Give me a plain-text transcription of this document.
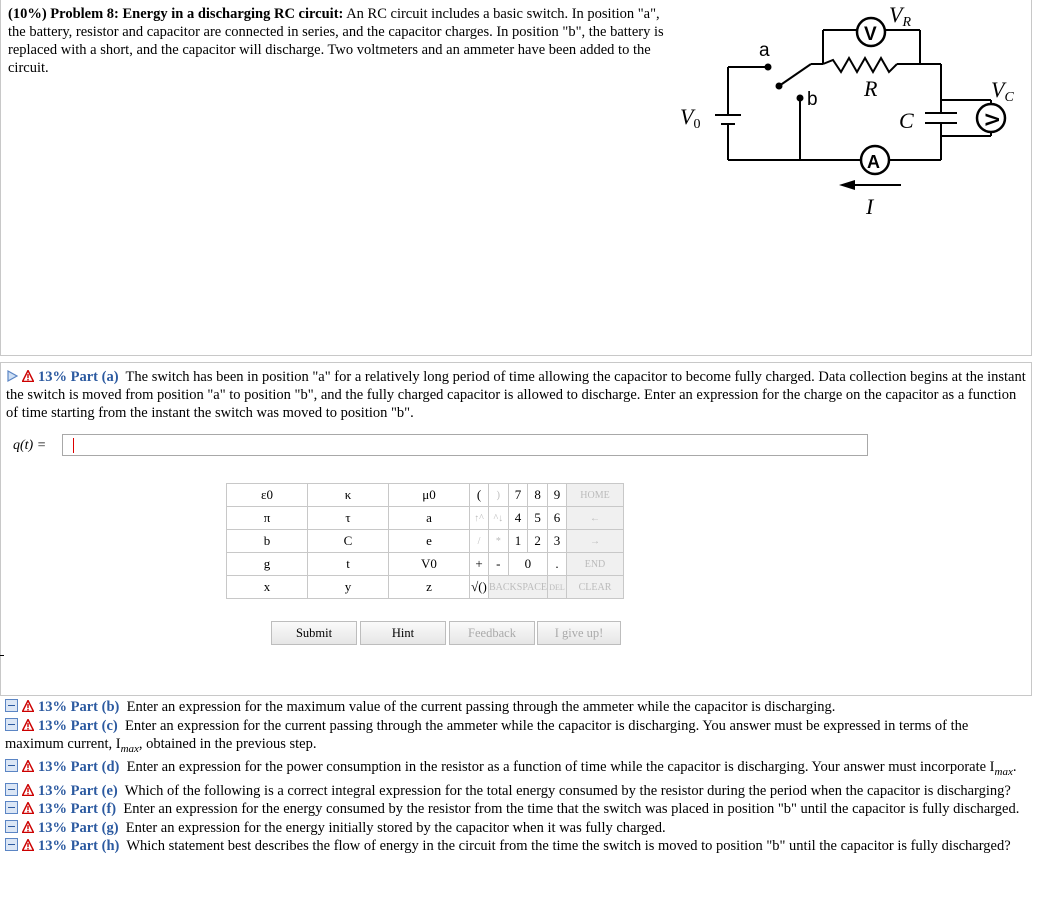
(10%) Problem 8: Energy in a discharging RC circuit: An RC circuit includes a basic switch. In position "a", the battery, resistor and capacitor are connected in series, and the capacitor charges. In position "b", the battery is replaced with a short, and the capacitor will discharge. Two voltmeters and an ammeter have been added to the circuit.
a
b
V
V
A
VR
VC
V0
R
C
I
13% Part (a) The switch has been in position "a" for a relatively long period of time allowing the capacitor to become fully charged. Data collection begins at the instant the switch is moved from position "a" to position "b", and the fully charged capacitor is allowed to discharge. Enter an expression for the charge on the capacitor as a function of time starting from the instant the switch was moved to position "b".
q(t) =
ε0	κ	μ0	(	)	7	8	9	HOME
π	τ	a	↑^	^↓	4	5	6	←
b	C	e	/	*	1	2	3	→
g	t	V0	+	-	0		.	END
x	y	z	√()	BACKSPACE			DEL	CLEAR
Submit	Hint	Feedback	I give up!
13% Part (b) Enter an expression for the maximum value of the current passing through the ammeter while the capacitor is discharging.
13% Part (c) Enter an expression for the current passing through the ammeter while the capacitor is discharging. You answer must be expressed in terms of the maximum current, $I_{max}$, obtained in the previous step.
13% Part (d) Enter an expression for the power consumption in the resistor as a function of time while the capacitor is discharging. Your answer must incorporate $I_{max}$.
13% Part (e) Which of the following is a correct integral expression for the total energy consumed by the resistor during the period when the capacitor is discharging?
13% Part (f) Enter an expression for the energy consumed by the resistor from the time that the switch was placed in position "b" until the capacitor is fully discharged.
13% Part (g) Enter an expression for the energy initially stored by the capacitor when it was fully charged.
13% Part (h) Which statement best describes the flow of energy in the circuit from the time the switch is moved to position "b" until the capacitor is fully discharged?
